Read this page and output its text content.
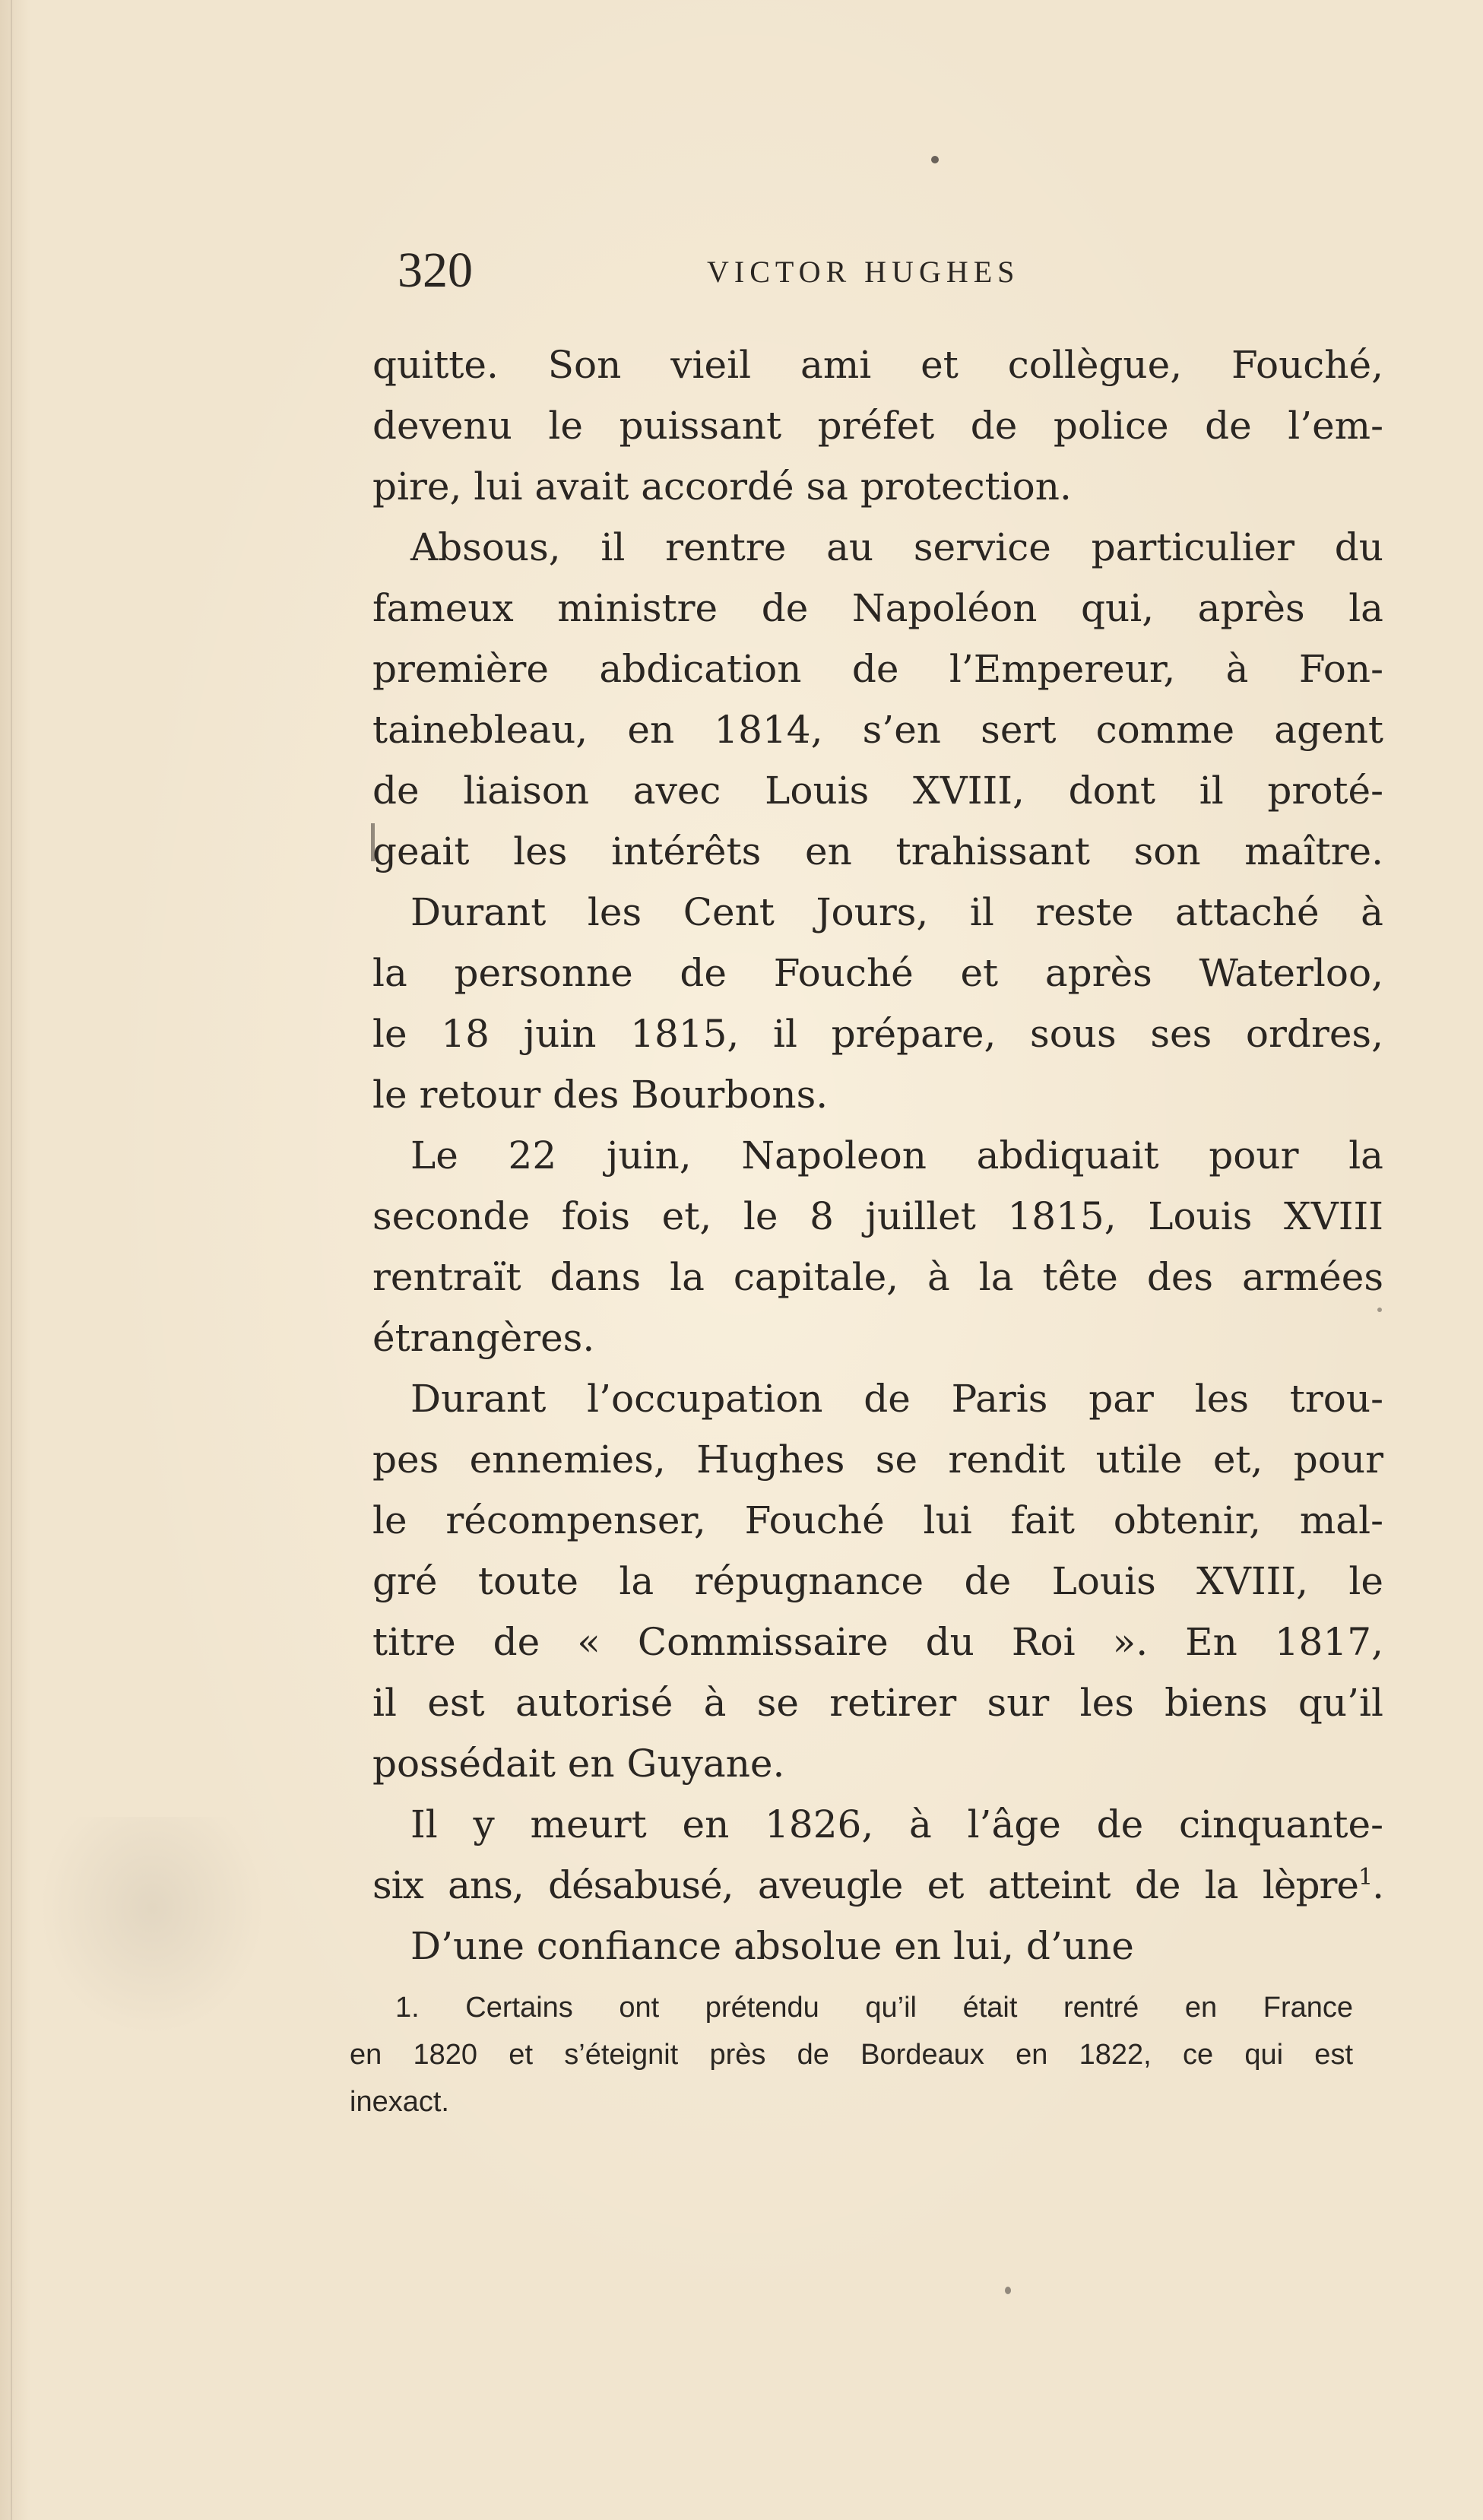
320	VICTOR HUGHES
quitte. Son vieil ami et collègue, Fouché,
devenu le puissant préfet de police de l’em-
pire, lui avait accordé sa protection.
Absous, il rentre au service particulier du
fameux ministre de Napoléon qui, après la
première abdication de l’Empereur, à Fon-
tainebleau, en 1814, s’en sert comme agent
de liaison avec Louis XVIII, dont il proté-
geait les intérêts en trahissant son maître.
Durant les Cent Jours, il reste attaché à
la personne de Fouché et après Waterloo,
le 18 juin 1815, il prépare, sous ses ordres,
le retour des Bourbons.
Le 22 juin, Napoleon abdiquait pour la
seconde fois et, le 8 juillet 1815, Louis XVIII
rentraït dans la capitale, à la tête des armées
étrangères.
Durant l’occupation de Paris par les trou-
pes ennemies, Hughes se rendit utile et, pour
le récompenser, Fouché lui fait obtenir, mal-
gré toute la répugnance de Louis XVIII, le
titre de « Commissaire du Roi ». En 1817,
il est autorisé à se retirer sur les biens qu’il
possédait en Guyane.
Il y meurt en 1826, à l’âge de cinquante-
six ans, désabusé, aveugle et atteint de la lèpre$^1$.
D’une confiance absolue en lui, d’une
1. Certains ont prétendu qu’il était rentré en France
en 1820 et s’éteignit près de Bordeaux en 1822, ce qui est
inexact.
